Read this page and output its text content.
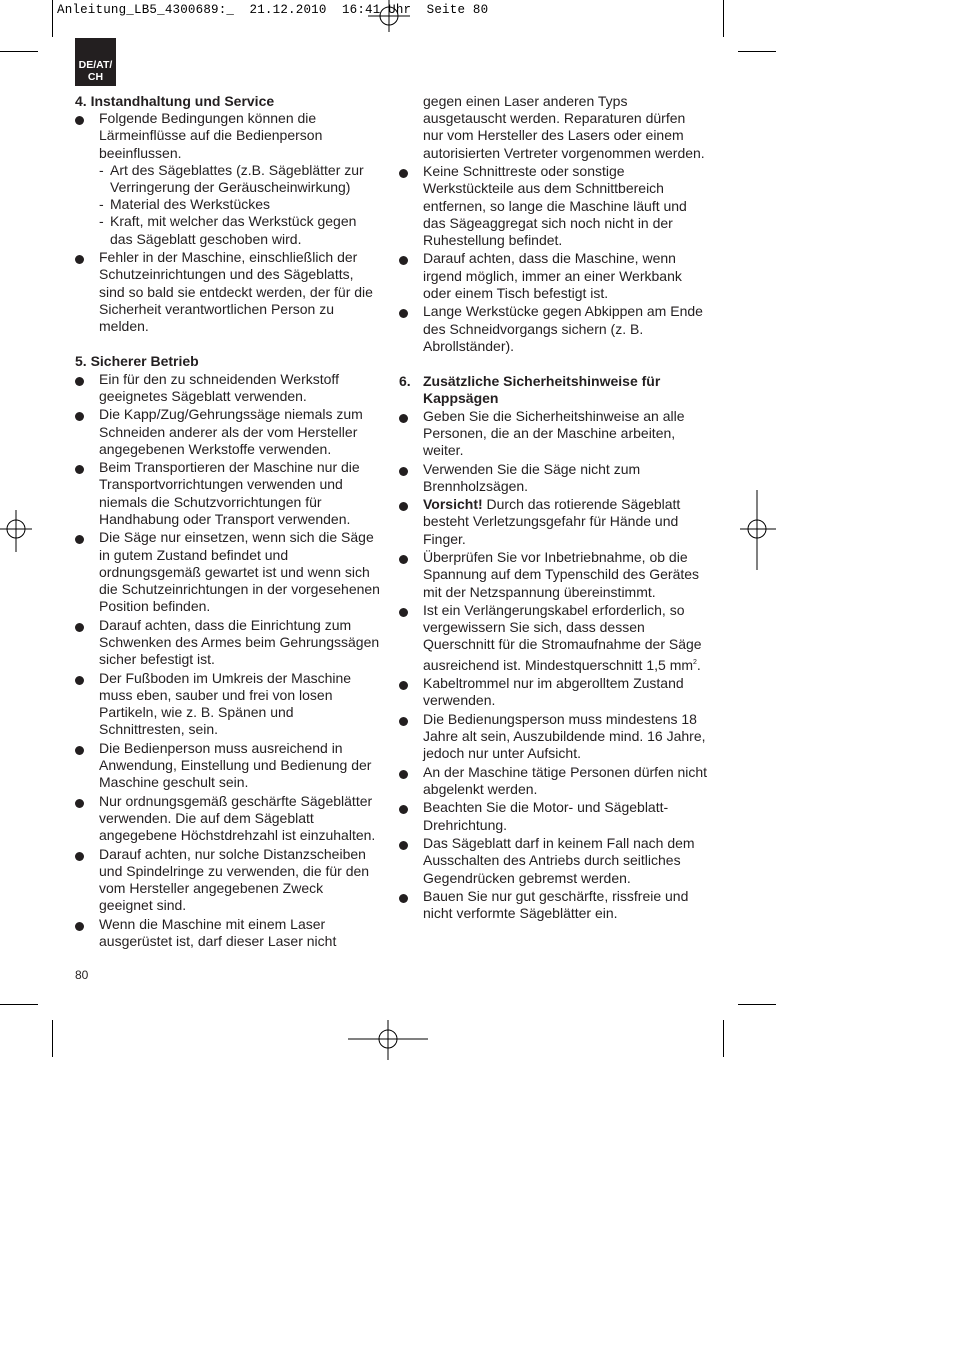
Anleitung_LB5_4300689:_  21.12.2010  16:41 Uhr  Seite 80
DE/AT/
CH
4. Instandhaltung und Service
Folgende Bedingungen können die Lärmeinflüsse auf die Bedienperson beeinflussen.
- Art des Sägeblattes (z.B. Sägeblätter zur Verringerung der Geräuscheinwirkung)
- Material des Werkstückes
- Kraft, mit welcher das Werkstück gegen das Sägeblatt geschoben wird.
Fehler in der Maschine, einschließlich der Schutzeinrichtungen und des Sägeblatts, sind so bald sie entdeckt werden, der für die Sicherheit verantwortlichen Person zu melden.
5. Sicherer Betrieb
Ein für den zu schneidenden Werkstoff geeignetes Sägeblatt verwenden.
Die Kapp/Zug/Gehrungssäge niemals zum Schneiden anderer als der vom Hersteller angegebenen Werkstoffe verwenden.
Beim Transportieren der Maschine nur die Transportvorrichtungen verwenden und niemals die Schutzvorrichtungen für Handhabung oder Transport verwenden.
Die Säge nur einsetzen, wenn sich die Säge in gutem Zustand befindet und ordnungsgemäß gewartet ist und wenn sich die Schutzeinrichtungen in der vorgesehenen Position befinden.
Darauf achten, dass die Einrichtung zum Schwenken des Armes beim Gehrungssägen sicher befestigt ist.
Der Fußboden im Umkreis der Maschine muss eben, sauber und frei von losen Partikeln, wie z. B. Spänen und Schnittresten, sein.
Die Bedienperson muss ausreichend in Anwendung, Einstellung und Bedienung der Maschine geschult sein.
Nur ordnungsgemäß geschärfte Sägeblätter verwenden. Die auf dem Sägeblatt angegebene Höchstdrehzahl ist einzuhalten.
Darauf achten, nur solche Distanzscheiben und Spindelringe zu verwenden, die für den vom Hersteller angegebenen Zweck geeignet sind.
Wenn die Maschine mit einem Laser ausgerüstet ist, darf dieser Laser nicht
gegen einen Laser anderen Typs ausgetauscht werden. Reparaturen dürfen nur vom Hersteller des Lasers oder einem autorisierten Vertreter vorgenommen werden.
Keine Schnittreste oder sonstige Werkstückteile aus dem Schnittbereich entfernen, so lange die Maschine läuft und das Sägeaggregat sich noch nicht in der Ruhestellung befindet.
Darauf achten, dass die Maschine, wenn irgend möglich, immer an einer Werkbank oder einem Tisch befestigt ist.
Lange Werkstücke gegen Abkippen am Ende des Schneidvorgangs sichern (z. B. Abrollständer).
6. Zusätzliche Sicherheitshinweise für Kappsägen
Geben Sie die Sicherheitshinweise an alle Personen, die an der Maschine arbeiten, weiter.
Verwenden Sie die Säge nicht zum Brennholzsägen.
Vorsicht! Durch das rotierende Sägeblatt besteht Verletzungsgefahr für Hände und Finger.
Überprüfen Sie vor Inbetriebnahme, ob die Spannung auf dem Typenschild des Gerätes mit der Netzspannung übereinstimmt.
Ist ein Verlängerungskabel erforderlich, so vergewissern Sie sich, dass dessen Querschnitt für die Stromaufnahme der Säge ausreichend ist. Mindestquerschnitt 1,5 $mm^2$.
Kabeltrommel nur im abgerolltem Zustand verwenden.
Die Bedienungsperson muss mindestens 18 Jahre alt sein, Auszubildende mind. 16 Jahre, jedoch nur unter Aufsicht.
An der Maschine tätige Personen dürfen nicht abgelenkt werden.
Beachten Sie die Motor- und Sägeblatt-Drehrichtung.
Das Sägeblatt darf in keinem Fall nach dem Ausschalten des Antriebs durch seitliches Gegendrücken gebremst werden.
Bauen Sie nur gut geschärfte, rissfreie und nicht verformte Sägeblätter ein.
80
